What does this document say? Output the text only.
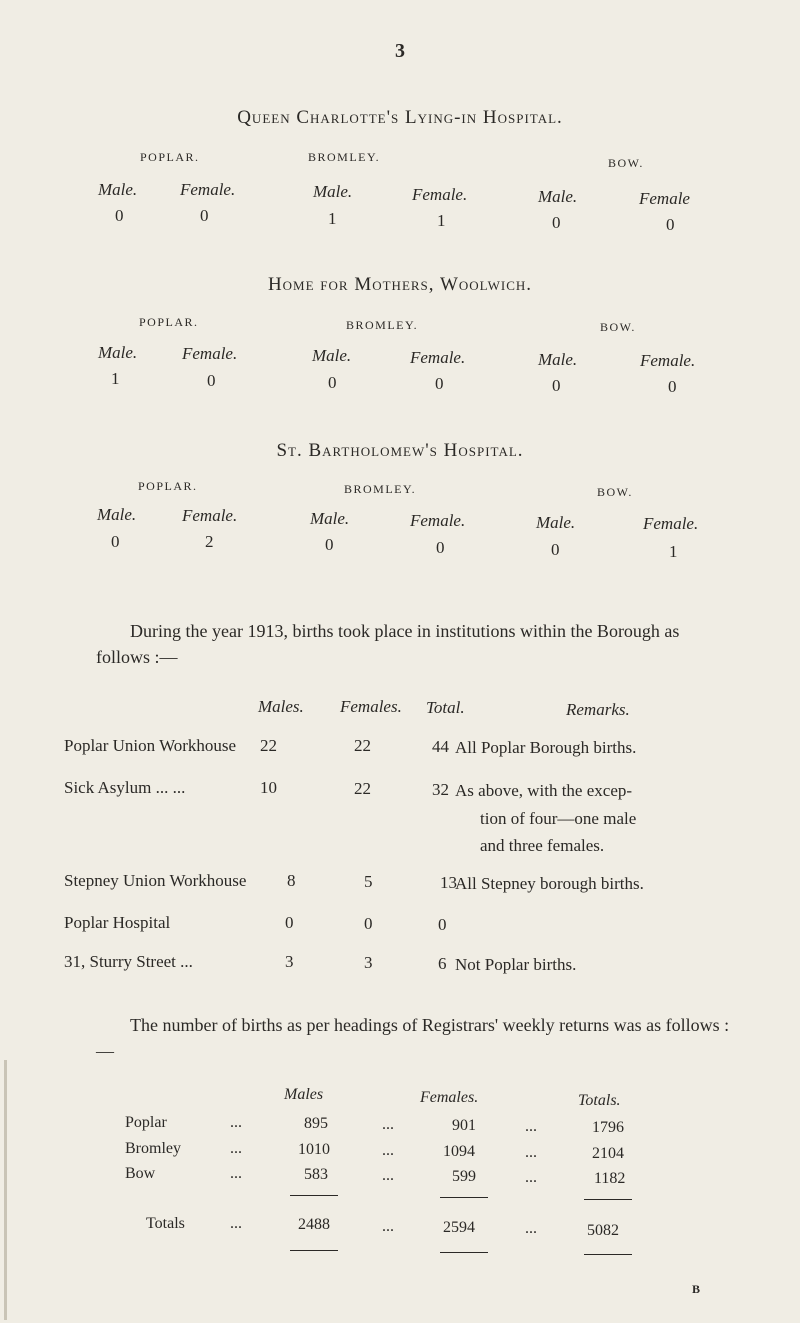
3
Queen Charlotte's Lying-in Hospital.
POPLAR.	BROMLEY.	BOW.
Male.	Female.	Male.	Female.	Male.	Female
0	0	1	1	0	0
Home for Mothers, Woolwich.
POPLAR.	BROMLEY.	BOW.
Male.	Female.	Male.	Female.	Male.	Female.
1	0	0	0	0	0
St. Bartholomew's Hospital.
POPLAR.	BROMLEY.	BOW.
Male.	Female.	Male.	Female.	Male.	Female.
0	2	0	0	0	1
During the year 1913, births took place in institutions within the Borough as follows :—
Males. Females. Total.	Remarks.
Poplar Union Workhouse 22	22	44 All Poplar Borough births.
Sick Asylum ... ...	10	22	32 As above, with the excep-
tion of four—one male
and three females.
Stepney Union Workhouse 8	5	13
All Stepney borough births.
Poplar Hospital	0	0	0
31, Sturry Street ...	3	3	6 Not Poplar births.
The number of births as per headings of Registrars' weekly returns was as follows :—
Males	Females.	Totals.
Poplar	...	895	...	901	...	1796
Bromley	...	1010	...	1094	...	2104
Bow	...	583	...	599	...	1182
Totals	...	2488	...	2594	...	5082
B
